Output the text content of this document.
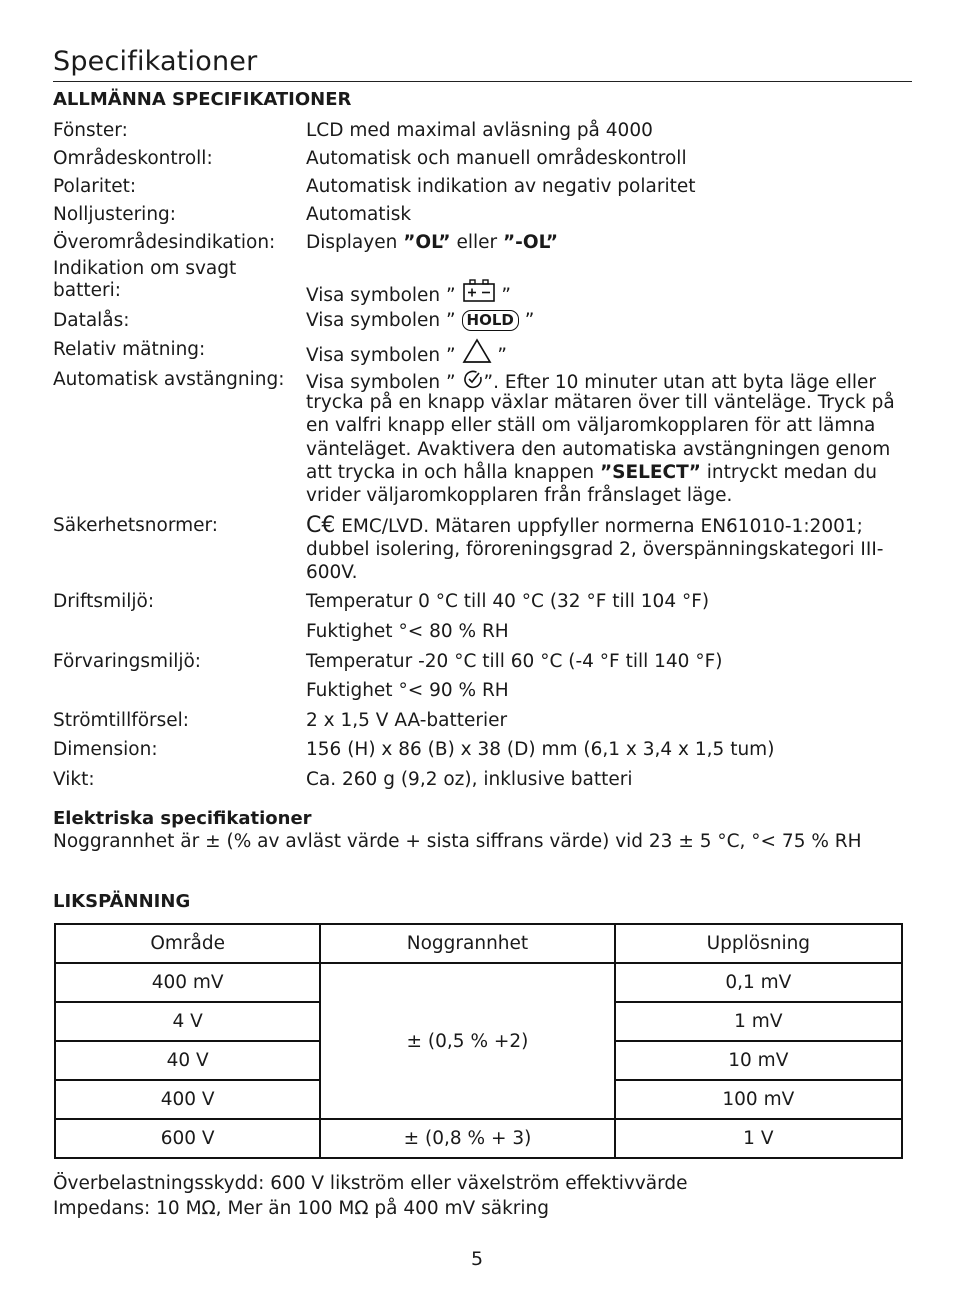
Specifikationer
ALLMÄNNA SPECIFIKATIONER
Fönster:	LCD med maximal avläsning på 4000
Områdeskontroll:	Automatisk och manuell områdeskontroll
Polaritet:	Automatisk indikation av negativ polaritet
Nolljustering:	Automatisk
Överområdesindikation: Displayen ”OL” eller ”-OL”
Indikation om svagt
batteri:	Visa symbolen ” ”
Datalås:	Visa symbolen ” HOLD ”
Relativ mätning:	Visa symbolen ” ”
Automatisk avstängning: Visa symbolen ” ”. Efter 10 minuter utan att byta läge eller
trycka på en knapp växlar mätaren över till vänteläge. Tryck på
en valfri knapp eller ställ om väljaromkopplaren för att lämna
vänteläget. Avaktivera den automatiska avstängningen genom
att trycka in och hålla knappen ”SELECT” intryckt medan du
vrider väljaromkopplaren från frånslaget läge.
Säkerhetsnormer:	C€ EMC/LVD. Mätaren uppfyller normerna EN61010-1:2001;
dubbel isolering, föroreningsgrad 2, överspänningskategori III-
600V.
Driftsmiljö:	Temperatur 0 °C till 40 °C (32 °F till 104 °F)
Fuktighet °< 80 % RH
Förvaringsmiljö:	Temperatur -20 °C till 60 °C (-4 °F till 140 °F)
Fuktighet °< 90 % RH
Strömtillförsel:	2 x 1,5 V AA-batterier
Dimension:	156 (H) x 86 (B) x 38 (D) mm (6,1 x 3,4 x 1,5 tum)
Vikt:	Ca. 260 g (9,2 oz), inklusive batteri
Elektriska specifikationer
Noggrannhet är ± (% av avläst värde + sista siffrans värde) vid 23 ± 5 °C, °< 75 % RH
LIKSPÄNNING
Område	Noggrannhet	Upplösning
400 mV	± (0,5 % +2)	0,1 mV
4 V		1 mV
40 V		10 mV
400 V		100 mV
600 V	± (0,8 % + 3)	1 V
Överbelastningsskydd: 600 V likström eller växelström effektivvärde
Impedans: 10 MΩ, Mer än 100 MΩ på 400 mV säkring
5
